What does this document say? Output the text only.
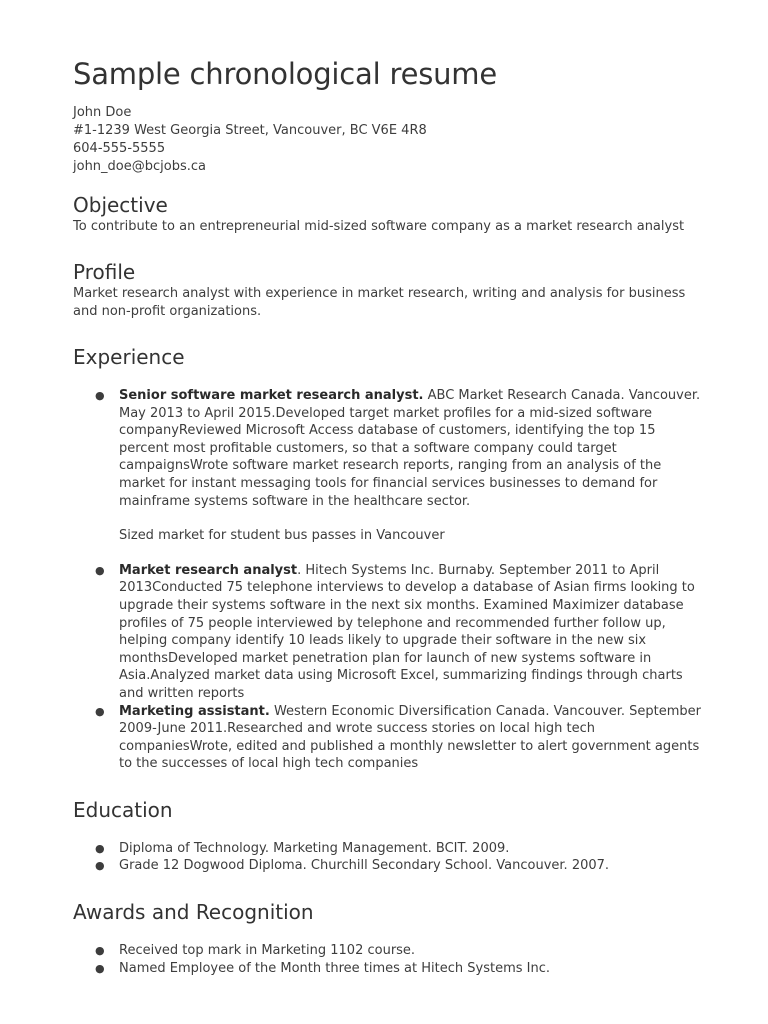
Sample chronological resume
John Doe
#1-1239 West Georgia Street, Vancouver, BC V6E 4R8
604-555-5555
john_doe@bcjobs.ca
Objective

To contribute to an entrepreneurial mid-sized software company as a market research analyst

Profile

Market research analyst with experience in market research, writing and analysis for business and non-profit organizations.

Experience
● Senior software market research analyst. ABC Market Research Canada. Vancouver. May 2013 to April 2015.Developed target market profiles for a mid-sized software companyReviewed Microsoft Access database of customers, identifying the top 15 percent most profitable customers, so that a software company could target campaignsWrote software market research reports, ranging from an analysis of the market for instant messaging tools for financial services businesses to demand for mainframe systems software in the healthcare sector.
Sized market for student bus passes in Vancouver
● Market research analyst. Hitech Systems Inc. Burnaby. September 2011 to April 2013Conducted 75 telephone interviews to develop a database of Asian firms looking to upgrade their systems software in the next six months. Examined Maximizer database profiles of 75 people interviewed by telephone and recommended further follow up, helping company identify 10 leads likely to upgrade their software in the new six monthsDeveloped market penetration plan for launch of new systems software in Asia.Analyzed market data using Microsoft Excel, summarizing findings through charts and written reports
● Marketing assistant. Western Economic Diversification Canada. Vancouver. September 2009-June 2011.Researched and wrote success stories on local high tech companiesWrote, edited and published a monthly newsletter to alert government agents to the successes of local high tech companies
Education
● Diploma of Technology. Marketing Management. BCIT. 2009.
● Grade 12 Dogwood Diploma. Churchill Secondary School. Vancouver. 2007.
Awards and Recognition
● Received top mark in Marketing 1102 course.
● Named Employee of the Month three times at Hitech Systems Inc.
